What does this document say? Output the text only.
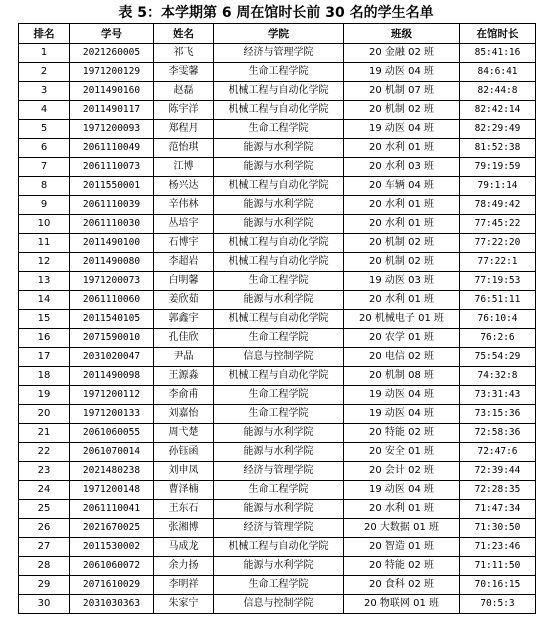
表 5：本学期第 6 周在馆时长前 30 名的学生名单
排名	学号	姓名	学院	班级	在馆时长
1	2021260005	祁飞	经济与管理学院	20 金融 02 班	85:41:16
2	1971200129	李雯馨	生命工程学院	19 动医 04 班	84:6:41
3	2011490160	赵磊	机械工程与自动化学院	20 机制 07 班	82:44:8
4	2011490117	陈宇洋	机械工程与自动化学院	20 机制 02 班	82:42:14
5	1971200093	郑程月	生命工程学院	19 动医 04 班	82:29:49
6	2061110049	范怡琪	能源与水利学院	20 水利 01 班	81:52:38
7	2061110073	江博	能源与水利学院	20 水利 03 班	79:19:59
8	2011550001	杨兴达	机械工程与自动化学院	20 车辆 04 班	79:1:14
9	2061110039	辛伟林	能源与水利学院	20 水利 01 班	78:49:42
10	2061110030	丛培宇	能源与水利学院	20 水利 01 班	77:45:22
11	2011490100	石博宇	机械工程与自动化学院	20 机制 02 班	77:22:20
12	2011490080	李超岩	机械工程与自动化学院	20 机制 02 班	77:22:1
13	1971200073	白明馨	生命工程学院	19 动医 03 班	77:19:53
14	2061110060	姜欣茹	能源与水利学院	20 水利 01 班	76:51:11
15	2011540105	郭鑫宇	机械工程与自动化学院	20 机械电子 01 班	76:10:4
16	2071590010	孔佳欣	生命工程学院	20 农学 01 班	76:2:6
17	2031020047	尹晶	信息与控制学院	20 电信 02 班	75:54:29
18	2011490098	王源淼	机械工程与自动化学院	20 机制 08 班	74:32:8
19	1971200112	李俞甫	生命工程学院	19 动医 04 班	73:31:43
20	1971200133	刘嘉怡	生命工程学院	19 动医 04 班	73:15:36
21	2061060055	周弋楚	能源与水利学院	20 特能 02 班	72:58:36
22	2061070014	孙钰函	能源与水利学院	20 安全 01 班	72:47:6
23	2021480238	刘申凤	经济与管理学院	20 会计 02 班	72:39:44
24	1971200148	曹泽楠	生命工程学院	19 动医 04 班	72:28:35
25	2061110041	王东石	能源与水利学院	20 水利 01 班	71:47:34
26	2021670025	张湘博	经济与管理学院	20 大数据 01 班	71:30:50
27	2011530002	马成龙	机械工程与自动化学院	20 智造 01 班	71:23:46
28	2061060072	余力扬	能源与水利学院	20 特能 02 班	71:11:50
29	2071610029	李明祥	生命工程学院	20 食科 02 班	70:16:15
30	2031030363	朱家宁	信息与控制学院	20 物联网 01 班	70:5:3
